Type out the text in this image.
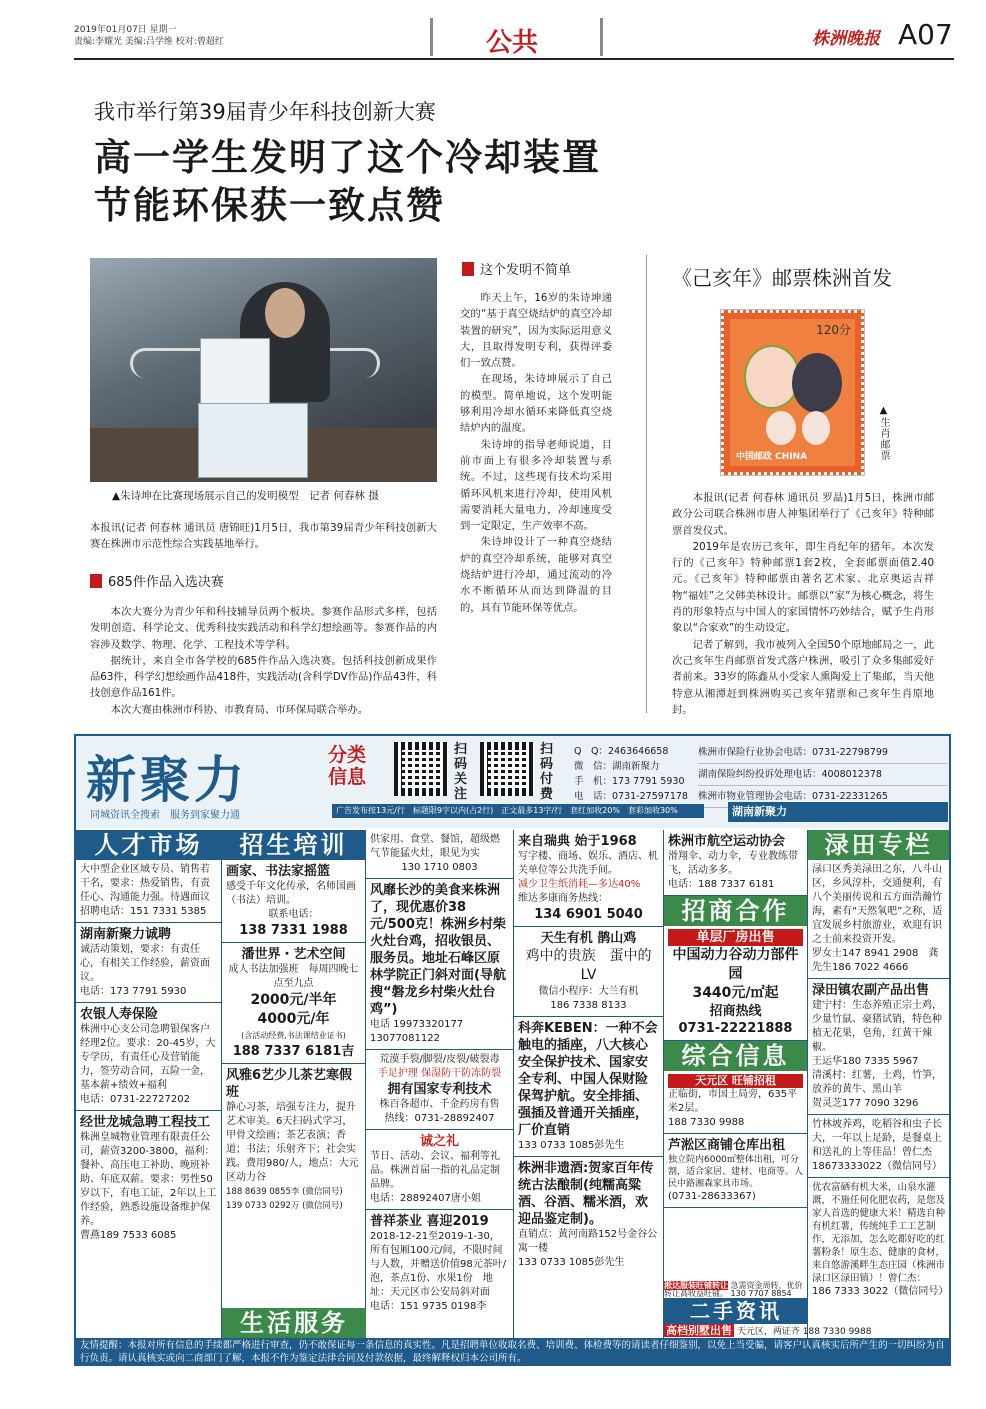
2019年01月07日 星期一
责编:李耀光 美编:吕学维 校对:曾超红	公共	株洲晚报 A07
我市举行第39届青少年科技创新大赛
高一学生发明了这个冷却装置
节能环保获一致点赞
▲朱诗坤在比赛现场展示自己的发明模型　记者 何春林 摄
本报讯(记者 何春林 通讯员 唐锦旺)1月5日，我市第39届青少年科技创新大赛在株洲市示范性综合实践基地举行。
685件作品入选决赛

本次大赛分为青少年和科技辅导员两个板块。参赛作品形式多样，包括发明创造、科学论文、优秀科技实践活动和科学幻想绘画等。参赛作品的内容涉及数学、物理、化学、工程技术等学科。

据统计，来自全市各学校的685件作品入选决赛。包括科技创新成果作品63件，科学幻想绘画作品418件，实践活动(含科学DV作品)作品43件，科技创意作品161件。

本次大赛由株洲市科协、市教育局、市环保局联合举办。

这个发明不简单

昨天上午，16岁的朱诗坤递交的“基于真空烧结炉的真空冷却装置的研究”，因为实际运用意义大，且取得发明专利，获得评委们一致点赞。

在现场，朱诗坤展示了自己的模型。简单地说，这个发明能够利用冷却水循环来降低真空烧结炉内的温度。

朱诗坤的指导老师说道，目前市面上有很多冷却装置与系统。不过，这些现有技术均采用循环风机来进行冷却，使用风机需要消耗大量电力，冷却速度受到一定限定，生产效率不高。

朱诗坤设计了一种真空烧结炉的真空冷却系统，能够对真空烧结炉进行冷却，通过流动的冷水不断循环从而达到降温的目的，具有节能环保等优点。

《己亥年》邮票株洲首发
120分
中国邮政 CHINA	▲生肖邮票

本报讯(记者 何春林 通讯员 罗晶)1月5日，株洲市邮政分公司联合株洲市唐人神集团举行了《己亥年》特种邮票首发仪式。

2019年是农历己亥年，即生肖纪年的猪年。本次发行的《己亥年》特种邮票1套2枚，全套邮票面值2.40元。《己亥年》特种邮票由著名艺术家、北京奥运吉祥物“福娃”之父韩美林设计。邮票以“家”为核心概念，将生肖的形象特点与中国人的家国情怀巧妙结合，赋予生肖形象以“合家欢”的生动设定。

记者了解到，我市被列入全国50个原地邮局之一，此次己亥年生肖邮票首发式落户株洲，吸引了众多集邮爱好者前来。33岁的陈鑫从小受家人熏陶爱上了集邮，当天他特意从湘潭赶到株洲购买己亥年猪票和己亥年生肖原地封。

新聚力
同城资讯全搜索　服务到家聚力通
分类信息
扫码关注
扫码付费
Q　Q：2463646658
微　信：湖南新聚力
手　机：173 7791 5930
电　话：0731-27597178
株洲市保险行业协会电话：0731-22798799
湖南保险纠纷投诉处理电话：4008012378
株洲市物业管理协会电话：0731-22331265
广告发布按13元/行　标题限9字以内(占2行)　正文最多13字/行　套红加收20%　套彩加收30%	湖南新聚力
人才市场
大中型企业区域专员、销售若干名，要求：热爱销售，有责任心、沟通能力强。待遇面议
招聘电话：151 7331 5385
湖南新聚力诚聘
诚活动策划，要求：有责任心，有相关工作经验，薪资面议。
电话：173 7791 5930
农银人寿保险
株洲中心支公司急聘银保客户经理2位。要求：20-45岁，大专学历，有责任心及营销能力，签劳动合同，五险一金，基本薪+绩效+福利
电话：0731-22727202
经世龙城急聘工程技工
株洲皇城物业管理有限责任公司，薪资3200-3800，福利：餐补、高压电工补助、晚班补助、年底双薪。要求：男性50岁以下，有电工证，2年以上工作经验，熟悉设施设备维护保养。
曹燕189 7533 6085
招生培训
画家、书法家摇篮
感受千年文化传承，名师国画（书法）培训。
联系电话：
138 7331 1988
潘世界・艺术空间
成人书法加强班　每周四晚七点至九点
2000元/半年
4000元/年
(含活动经费,书法课结业证书)
188 7337 6181吉
风雅6艺少儿茶艺寒假班
静心习茶，培强专注力，提升艺术审美。6天扫码式学习，甲骨文绘画；茶艺表演；香道；书法；乐射齐下；社会实践。费用980/人，地点：大元区动力谷
188 8639 0855李 (微信同号) 139 0733 0292万 (微信同号)
生活服务
供家用、食堂、餐馆，超级燃气节能猛火灶，眼见为实
130 1710 0803
风靡长沙的美食来株洲了，现优惠价38元/500克！株洲乡村柴火灶台鸡，招收银员、服务员。地址石峰区原林学院正门斜对面(导航搜“磐龙乡村柴火灶台鸡”)
电话 19973320177　13077081122
荒漠手裂/脚裂/皮裂/破裂毒
手足护理 保湿防干防冻防裂
拥有国家专利技术
株百各超市、千金药房有售　热线：0731-28892407
诚之礼
节日、活动、会议、福利等礼品。株洲首届一指的礼品定制品牌。
电话：28892407唐小姐
普祥茶业 喜迎2019
2018-12-21至2019-1-30，所有包厢100元/间，不限时间与人数，并赠送价值98元茶叶/泡，茶点1份、水果1份　地址：天元区市公安局斜对面
电话：151 9735 0198李
来自瑞典 始于1968
写字楼、商场、娱乐、酒店、机关单位等公共洗手间。
减少卫生纸消耗—多达40%
维达多康商务热线：
134 6901 5040
天生有机 鹊山鸡
鸡中的贵族　蛋中的LV
微信小程序：大兰有机
186 7338 8133
科奔KEBEN：一种不会触电的插座，八大核心安全保护技术、国家安全专利、中国人保财险保驾护航。安全排插、强插及普通开关插座，厂价直销
133 0733 1085彭先生
株洲非遗酒:贺家百年传统古法酿制(纯糯高粱酒、谷酒、糯米酒，欢迎品鉴定制)。
直销点：黄河南路152号金谷公寓一楼
133 0733 1085彭先生
株洲市航空运动协会
滑翔伞、动力伞，专业教练带飞，活动多多。
电话：188 7337 6181
招商合作
单层厂房出售
中国动力谷动力部件园
3440元/㎡起
招商热线
0731-22221888
综合信息
天元区 旺铺招租
正临街，市国土局旁，635平米2层。
188 7330 9988
芦淞区商铺仓库出租
独立院内6000㎡整体出租，可分割，适合家居、建材、电商等。人民中路湘森家具市场。
(0731-28633367)
二手资讯
高档别墅出售 天元区，两证齐 188 7330 9988
淞达服装旺铺转让 急需资金周转，优价转让高收益旺铺。 130 7707 8854
渌田专栏
渌口区秀美渌田之东，八斗山区，乡风淳朴，交通便利，有八个美丽传说和五方面浩瀚竹海，素有“天然氧吧”之称，适宜发展乡村旅游业，欢迎有识之士前来投资开发。
罗女士147 8941 2908　龚先生186 7022 4666
渌田镇农副产品出售
建宁村：生态养殖正宗土鸡，少量竹鼠、豪猪试销，特色种植无花果，皂角，红黄干辣椒。
王运华180 7335 5967
清溪村：红薯，土鸡，竹笋，放养的黄牛、黑山羊
贺灵芝177 7090 3296
竹林坡养鸡，吃稻谷和虫子长大，一年以上足龄，是餐桌上和送礼的上等佳品！曾仁杰18673333022（微信同号）
优农富硒有机大米，山泉水灌溉，不施任何化肥农药，是您及家人首选的健康大米！精选自种有机红薯，传统纯手工工艺制作，无添加，怎么吃都好吃的红薯粉条！原生态、健康的食材，来自悠游溪畔生态庄园（株洲市渌口区渌田镇）！曾仁杰：
186 7333 3022（微信同号）
友情提醒：本报对所有信息的手续都严格进行审查，仍不敢保证每一条信息的真实性。凡是招聘单位收取名费、培训费、体检费等的请读者仔细鉴别，以免上当受骗，请客户认真核实后所产生的一切纠纷为自行负责。请认真核实或向二商部门了解，本报不作为鉴定法律合同及付款依据，最终解释权归本公司所有。
